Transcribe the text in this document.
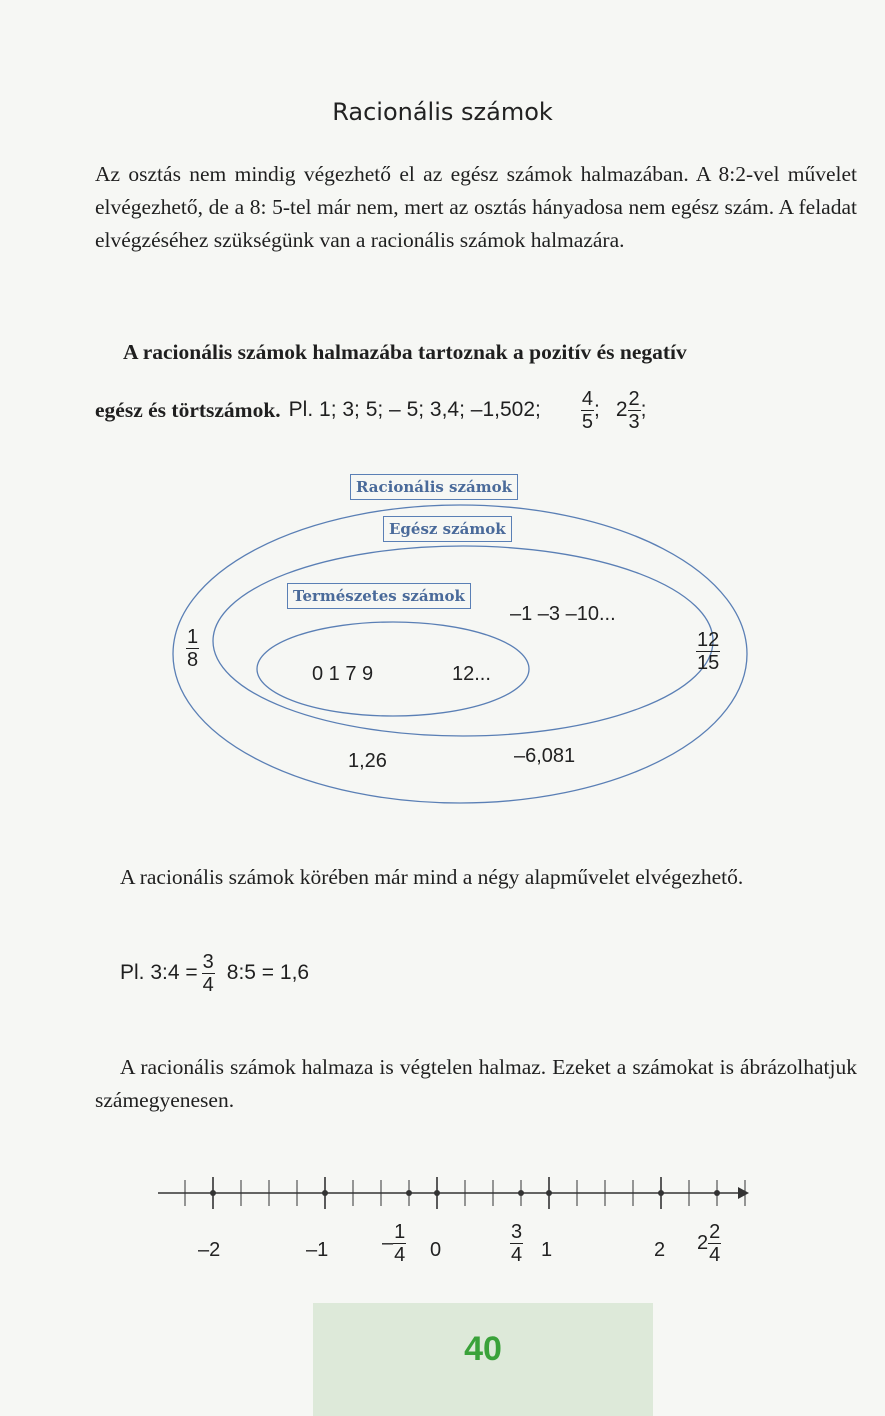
Racionális számok
Az osztás nem mindig végezhető el az egész számok halmazában. A 8:2-vel művelet elvégezhető, de a 8: 5-tel már nem, mert az osztás hányadosa nem egész szám. A feladat elvégzéséhez szükségünk van a racionális számok halmazára.
A racionális számok halmazába tartoznak a pozitív és negatív
egész és törtszámok. Pl. 1; 3; 5; – 5; 3,4; –1,502; $\frac{4}{5}$ ; $2 \frac{2}{3}$ ;
Racionális számok
Egész számok
Természetes számok
0 1 7 9	12...
–1 –3 –10...
1,26	–6,081
$\frac{1}{8}$	$\frac{12}{15}$
A racionális számok körében már mind a négy alapművelet elvégezhető.
Pl. 3:4 = $\frac{3}{4}$ 8:5 = 1,6
A racionális számok halmaza is végtelen halmaz. Ezeket a számokat is ábrázolhatjuk számegyenesen.
–2	–1	0	1	2
– $\frac{1}{4}$	$\frac{3}{4}$	$2 \frac{2}{4}$
40
